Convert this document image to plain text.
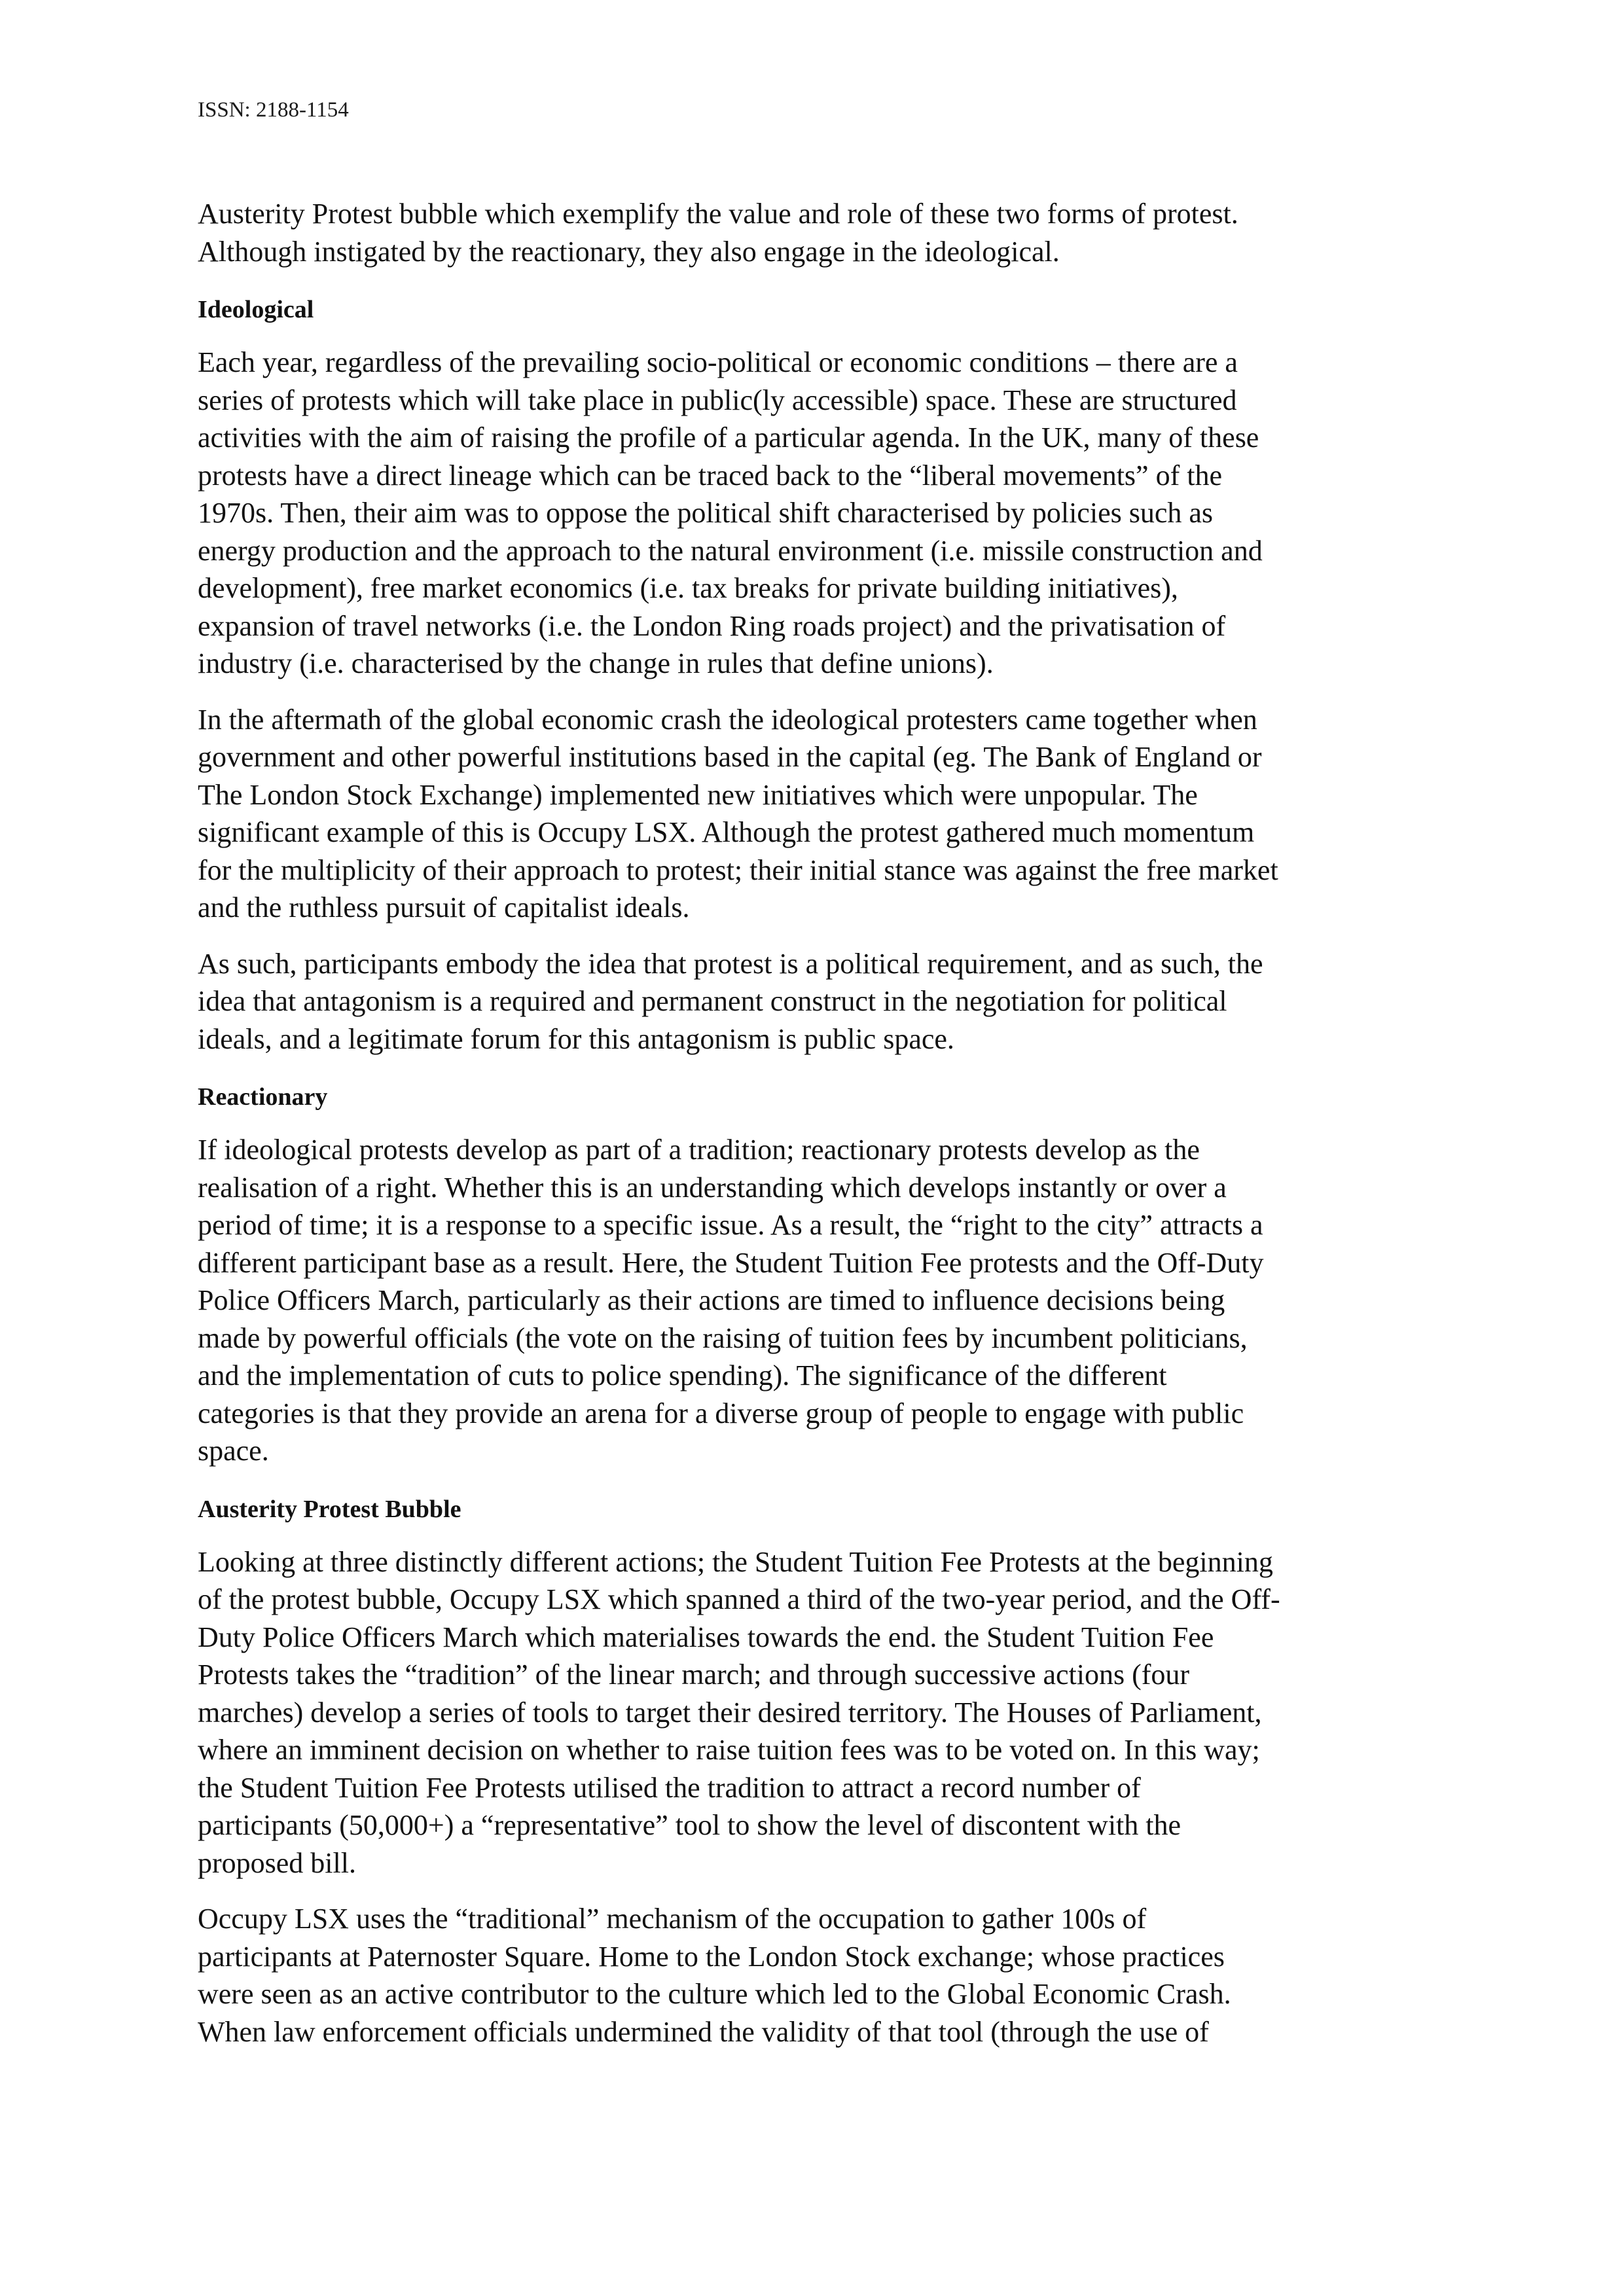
ISSN: 2188-1154
Austerity Protest bubble which exemplify the value and role of these two forms of protest.
Although instigated by the reactionary, they also engage in the ideological.
Ideological
Each year, regardless of the prevailing socio-political or economic conditions – there are a
series of protests which will take place in public(ly accessible) space. These are structured
activities with the aim of raising the profile of a particular agenda. In the UK, many of these
protests have a direct lineage which can be traced back to the “liberal movements” of the
1970s. Then, their aim was to oppose the political shift characterised by policies such as
energy production and the approach to the natural environment (i.e. missile construction and
development), free market economics (i.e. tax breaks for private building initiatives),
expansion of travel networks (i.e. the London Ring roads project) and the privatisation of
industry (i.e. characterised by the change in rules that define unions).
In the aftermath of the global economic crash the ideological protesters came together when
government and other powerful institutions based in the capital (eg. The Bank of England or
The London Stock Exchange) implemented new initiatives which were unpopular. The
significant example of this is Occupy LSX. Although the protest gathered much momentum
for the multiplicity of their approach to protest; their initial stance was against the free market
and the ruthless pursuit of capitalist ideals.
As such, participants embody the idea that protest is a political requirement, and as such, the
idea that antagonism is a required and permanent construct in the negotiation for political
ideals, and a legitimate forum for this antagonism is public space.
Reactionary
If ideological protests develop as part of a tradition; reactionary protests develop as the
realisation of a right. Whether this is an understanding which develops instantly or over a
period of time; it is a response to a specific issue. As a result, the “right to the city” attracts a
different participant base as a result. Here, the Student Tuition Fee protests and the Off-Duty
Police Officers March, particularly as their actions are timed to influence decisions being
made by powerful officials (the vote on the raising of tuition fees by incumbent politicians,
and the implementation of cuts to police spending). The significance of the different
categories is that they provide an arena for a diverse group of people to engage with public
space.
Austerity Protest Bubble
Looking at three distinctly different actions; the Student Tuition Fee Protests at the beginning
of the protest bubble, Occupy LSX which spanned a third of the two-year period, and the Off-
Duty Police Officers March which materialises towards the end. the Student Tuition Fee
Protests takes the “tradition” of the linear march; and through successive actions (four
marches) develop a series of tools to target their desired territory. The Houses of Parliament,
where an imminent decision on whether to raise tuition fees was to be voted on. In this way;
the Student Tuition Fee Protests utilised the tradition to attract a record number of
participants (50,000+) a “representative” tool to show the level of discontent with the
proposed bill.
Occupy LSX uses the “traditional” mechanism of the occupation to gather 100s of
participants at Paternoster Square. Home to the London Stock exchange; whose practices
were seen as an active contributor to the culture which led to the Global Economic Crash.
When law enforcement officials undermined the validity of that tool (through the use of
